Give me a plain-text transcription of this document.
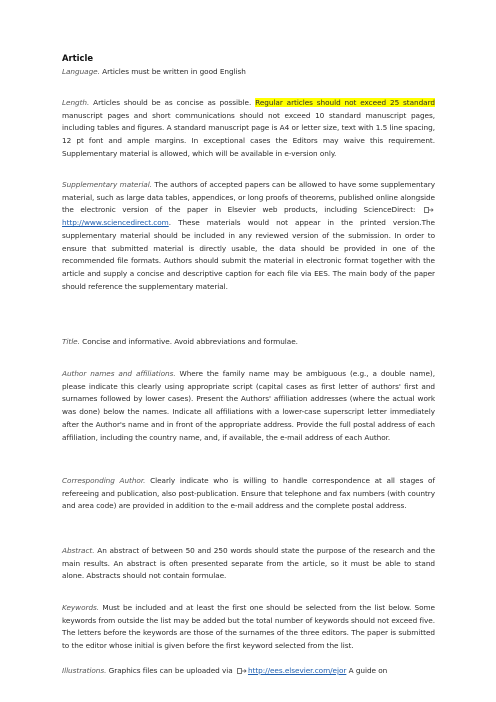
Article

Language. Articles must be written in good English

Length. Articles should be as concise as possible. Regular articles should not exceed 25 standard manuscript pages and short communications should not exceed 10 standard manuscript pages, including tables and figures. A standard manuscript page is A4 or letter size, text with 1.5 line spacing, 12 pt font and ample margins. In exceptional cases the Editors may waive this requirement. Supplementary material is allowed, which will be available in e-version only.

Supplementary material. The authors of accepted papers can be allowed to have some supplementary material, such as large data tables, appendices, or long proofs of theorems, published online alongside the electronic version of the paper in Elsevier web products, including ScienceDirect:
http://www.sciencedirect.com. These materials would not appear in the printed version.The supplementary material should be included in any reviewed version of the submission. In order to ensure that submitted material is directly usable, the data should be provided in one of the recommended file formats. Authors should submit the material in electronic format together with the article and supply a concise and descriptive caption for each file via EES. The main body of the paper should reference the supplementary material.

Title. Concise and informative. Avoid abbreviations and formulae.

Author names and affiliations. Where the family name may be ambiguous (e.g., a double name), please indicate this clearly using appropriate script (capital cases as first letter of authors' first and surnames followed by lower cases). Present the Authors' affiliation addresses (where the actual work was done) below the names. Indicate all affiliations with a lower-case superscript letter immediately after the Author's name and in front of the appropriate address. Provide the full postal address of each affiliation, including the country name, and, if available, the e-mail address of each Author.

Corresponding Author. Clearly indicate who is willing to handle correspondence at all stages of refereeing and publication, also post-publication. Ensure that telephone and fax numbers (with country and area code) are provided in addition to the e-mail address and the complete postal address.

Abstract. An abstract of between 50 and 250 words should state the purpose of the research and the main results. An abstract is often presented separate from the article, so it must be able to stand alone. Abstracts should not contain formulae.

Keywords. Must be included and at least the first one should be selected from the list below. Some keywords from outside the list may be added but the total number of keywords should not exceed five. The letters before the keywords are those of the surnames of the three editors. The paper is submitted to the editor whose initial is given before the first keyword selected from the list.

Illustrations. Graphics files can be uploaded via
http://ees.elsevier.com/ejor A guide on
